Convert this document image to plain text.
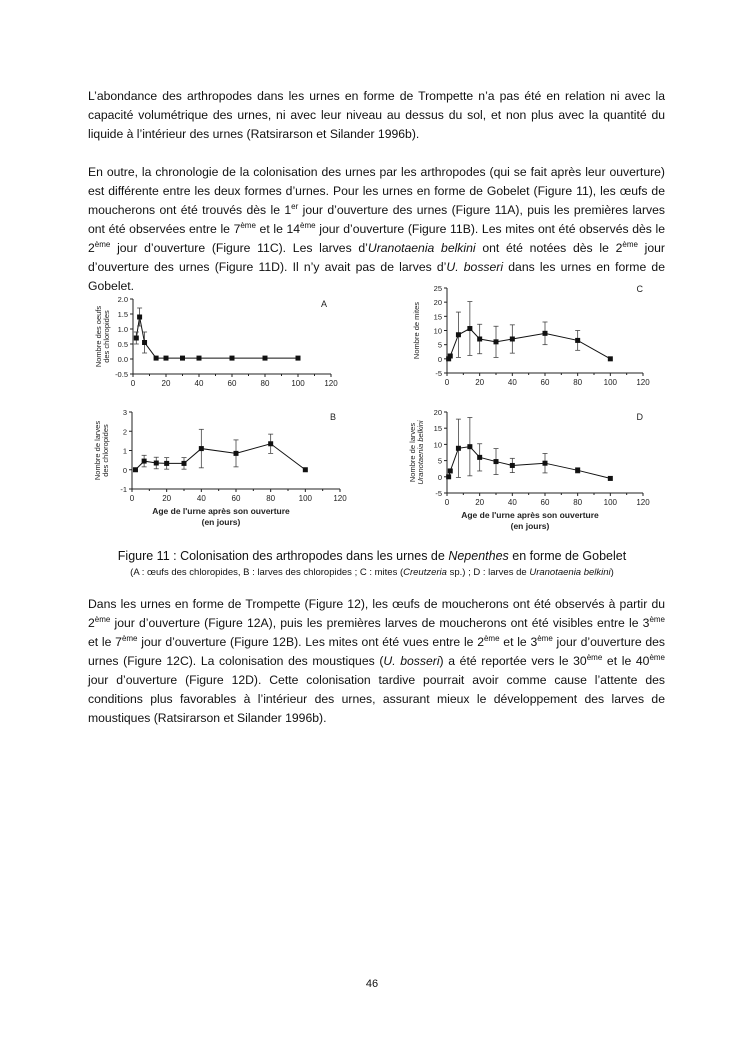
L’abondance des arthropodes dans les urnes en forme de Trompette n’a pas été en relation ni avec la capacité volumétrique des urnes, ni avec leur niveau au dessus du sol, et non plus avec la quantité du liquide à l’intérieur des urnes (Ratsirarson et Silander 1996b).
En outre, la chronologie de la colonisation des urnes par les arthropodes (qui se fait après leur ouverture) est différente entre les deux formes d’urnes. Pour les urnes en forme de Gobelet (Figure 11), les œufs de moucherons ont été trouvés dès le 1er jour d’ouverture des urnes (Figure 11A), puis les premières larves ont été observées entre le 7ème et le 14ème jour d’ouverture (Figure 11B). Les mites ont été observés dès le 2ème jour d’ouverture (Figure 11C). Les larves d’Uranotaenia belkini ont été notées dès le 2ème jour d’ouverture des urnes (Figure 11D). Il n’y avait pas de larves d’U. bosseri dans les urnes en forme de Gobelet.
-0.5
0.0
0.5
1.0
1.5
2.0
0	20	40	60	80	100 120
Nombre des oeufs des chloropides
A
-5
0
5
10
15
20
25
0	20	40	60	80	100 120
Nombre de mites
C
-1
0
1
2
3
0	20	40	60	80	100	120
Nombre de larves des chloropides
Age de l'urne après son ouverture
(en jours)
B
-5
0
5
10
15
20
0	20	40	60	80	100 120
Nombre de larves Uranotaenia belkini
Age de l'urne après son ouverture
(en jours)
D
Figure 11 : Colonisation des arthropodes dans les urnes de Nepenthes en forme de Gobelet
(A : œufs des chloropides, B : larves des chloropides ; C : mites (Creutzeria sp.) ; D : larves de Uranotaenia belkini)
Dans les urnes en forme de Trompette (Figure 12), les œufs de moucherons ont été observés à partir du 2ème jour d’ouverture (Figure 12A), puis les premières larves de moucherons ont été visibles entre le 3ème et le 7ème jour d’ouverture (Figure 12B). Les mites ont été vues entre le 2ème et le 3ème jour d’ouverture des urnes (Figure 12C). La colonisation des moustiques (U. bosseri) a été reportée vers le 30ème et le 40ème jour d’ouverture (Figure 12D). Cette colonisation tardive pourrait avoir comme cause l’attente des conditions plus favorables à l’intérieur des urnes, assurant mieux le développement des larves de moustiques (Ratsirarson et Silander 1996b).
46
